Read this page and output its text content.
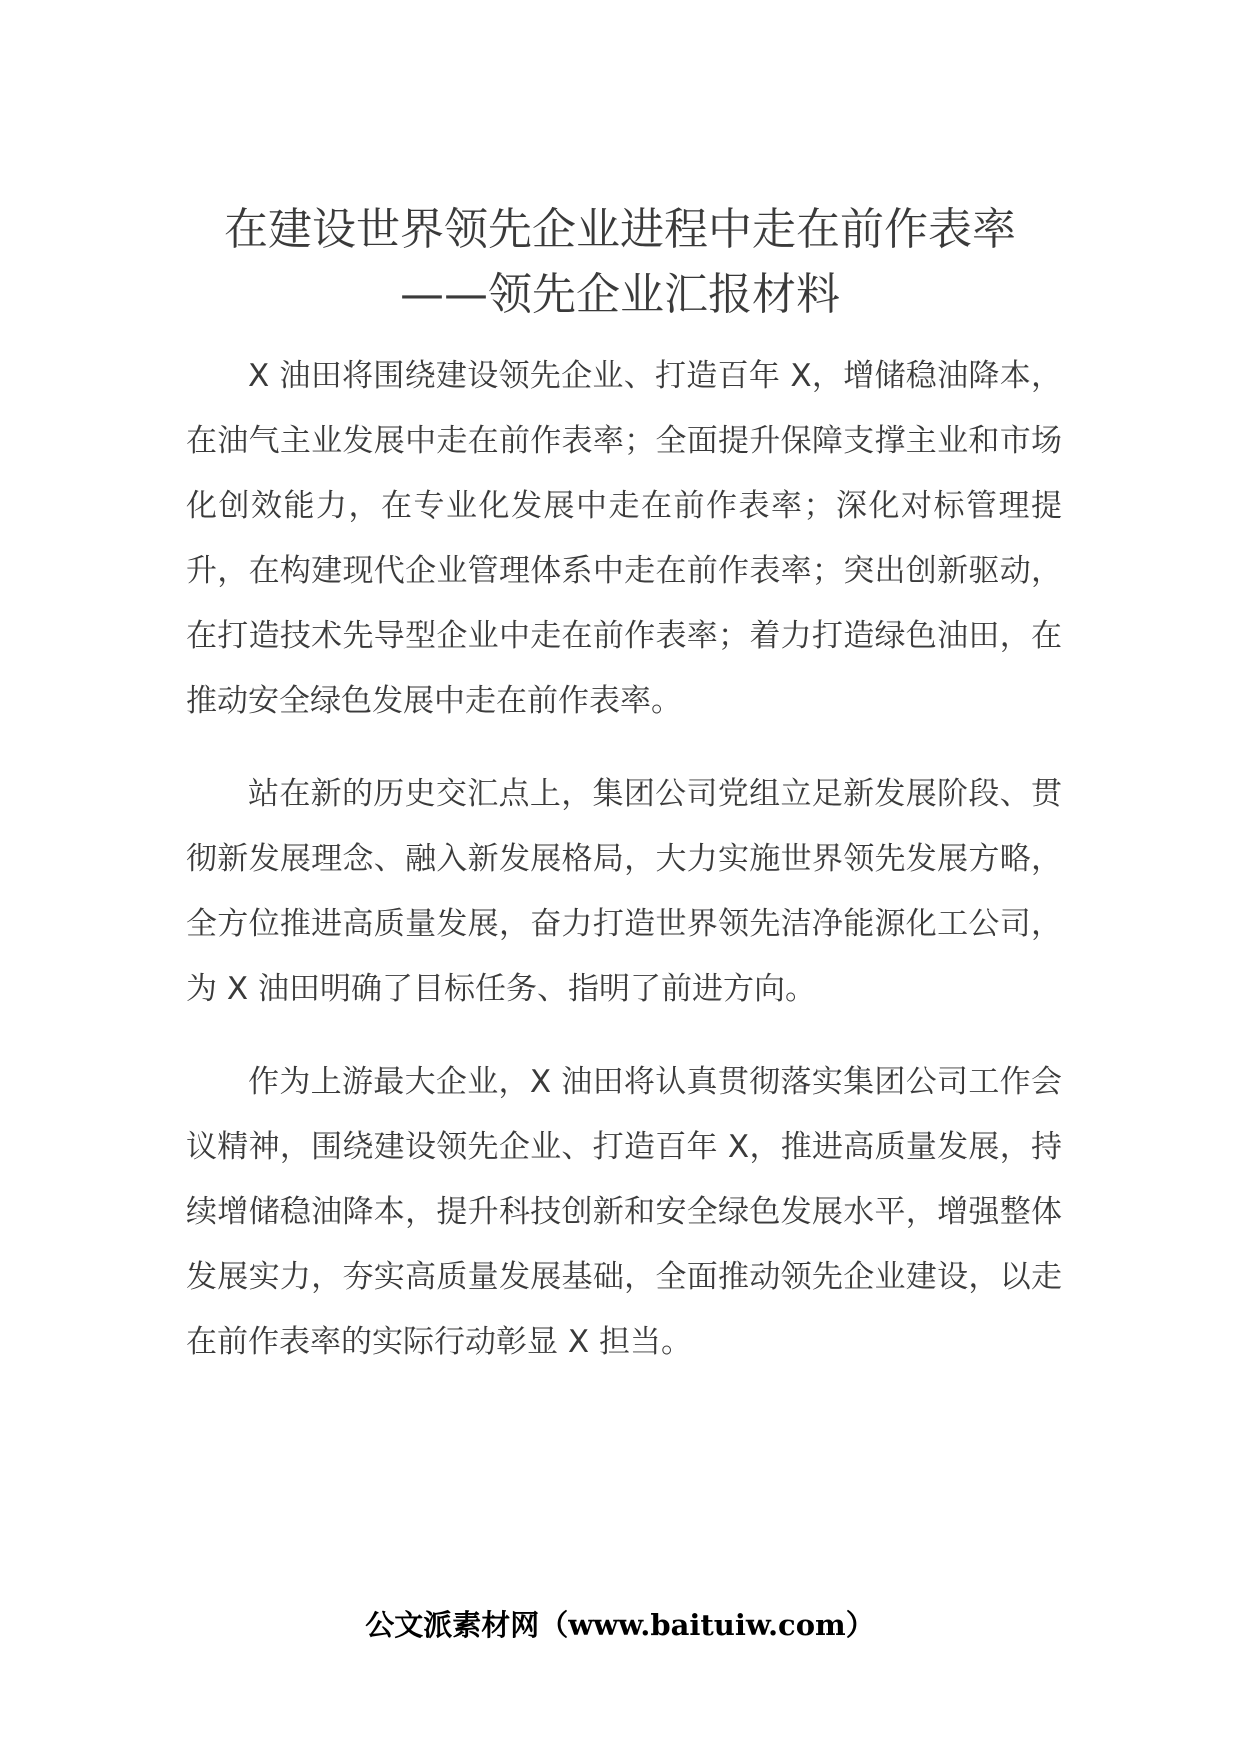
在建设世界领先企业进程中走在前作表率
——领先企业汇报材料

X 油田将围绕建设领先企业、打造百年 X，增储稳油降本，在油气主业发展中走在前作表率；全面提升保障支撑主业和市场化创效能力，在专业化发展中走在前作表率；深化对标管理提升，在构建现代企业管理体系中走在前作表率；突出创新驱动，在打造技术先导型企业中走在前作表率；着力打造绿色油田，在推动安全绿色发展中走在前作表率。

站在新的历史交汇点上，集团公司党组立足新发展阶段、贯彻新发展理念、融入新发展格局，大力实施世界领先发展方略，全方位推进高质量发展，奋力打造世界领先洁净能源化工公司，为 X 油田明确了目标任务、指明了前进方向。

作为上游最大企业，X 油田将认真贯彻落实集团公司工作会议精神，围绕建设领先企业、打造百年 X，推进高质量发展，持续增储稳油降本，提升科技创新和安全绿色发展水平，增强整体发展实力，夯实高质量发展基础，全面推动领先企业建设，以走在前作表率的实际行动彰显 X 担当。

公文派素材网（www.baituiw.com）
